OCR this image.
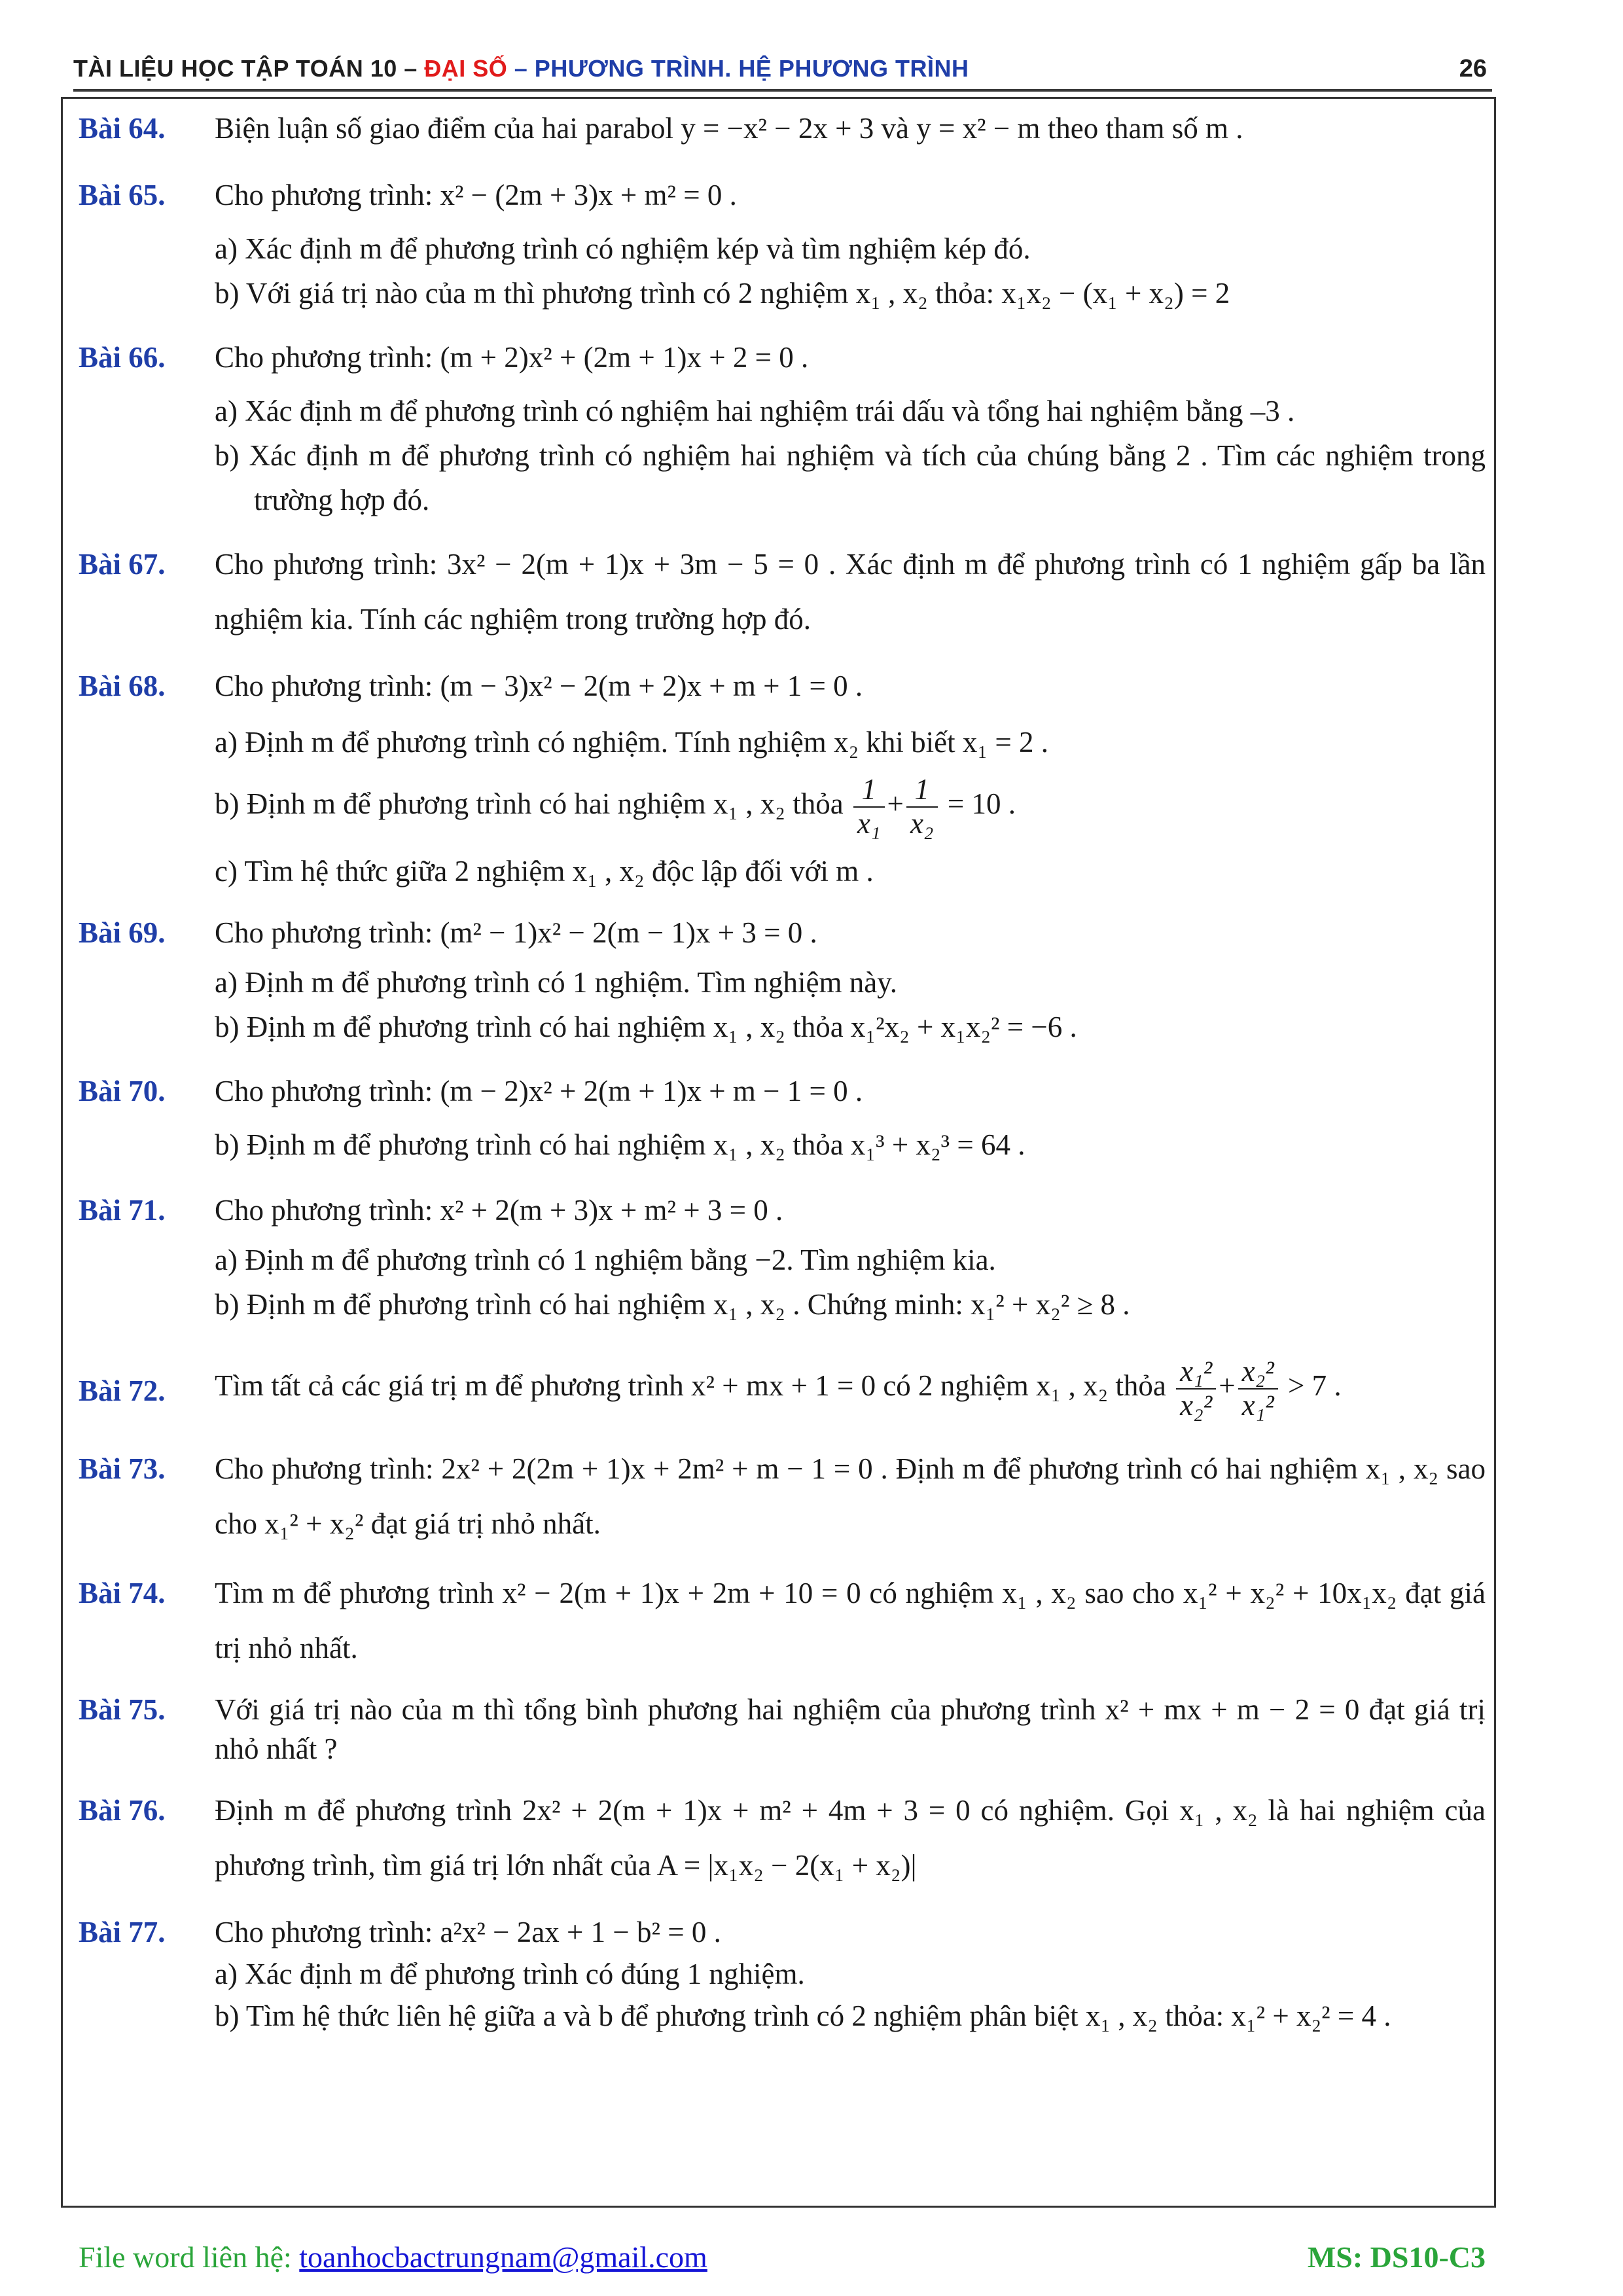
TÀI LIỆU HỌC TẬP TOÁN 10 – ĐẠI SỐ – PHƯƠNG TRÌNH. HỆ PHƯƠNG TRÌNH	26
Bài 64.	Biện luận số giao điểm của hai parabol y = −x² − 2x + 3 và y = x² − m theo tham số m .
Bài 65.	Cho phương trình: x² − (2m + 3)x + m² = 0 .
a) Xác định m để phương trình có nghiệm kép và tìm nghiệm kép đó.
b) Với giá trị nào của m thì phương trình có 2 nghiệm x₁ , x₂ thỏa: x₁x₂ − (x₁ + x₂) = 2
Bài 66.	Cho phương trình: (m + 2)x² + (2m + 1)x + 2 = 0 .
a) Xác định m để phương trình có nghiệm hai nghiệm trái dấu và tổng hai nghiệm bằng –3 .
b) Xác định m để phương trình có nghiệm hai nghiệm và tích của chúng bằng 2 . Tìm các nghiệm trong trường hợp đó.
Bài 67.	Cho phương trình: 3x² − 2(m + 1)x + 3m − 5 = 0 . Xác định m để phương trình có 1 nghiệm gấp ba lần nghiệm kia. Tính các nghiệm trong trường hợp đó.
Bài 68.	Cho phương trình: (m − 3)x² − 2(m + 2)x + m + 1 = 0 .
a) Định m để phương trình có nghiệm. Tính nghiệm x₂ khi biết x₁ = 2 .
b) Định m để phương trình có hai nghiệm x₁ , x₂ thỏa $\frac{1}{\text{x₁}} + \frac{1}{\text{x₂}} = 10$ .
c) Tìm hệ thức giữa 2 nghiệm x₁ , x₂ độc lập đối với m .
Bài 69.	Cho phương trình: (m² − 1)x² − 2(m − 1)x + 3 = 0 .
a) Định m để phương trình có 1 nghiệm. Tìm nghiệm này.
b) Định m để phương trình có hai nghiệm x₁ , x₂ thỏa x₁²x₂ + x₁x₂² = −6 .
Bài 70.	Cho phương trình: (m − 2)x² + 2(m + 1)x + m − 1 = 0 .
b) Định m để phương trình có hai nghiệm x₁ , x₂ thỏa x₁³ + x₂³ = 64 .
Bài 71.	Cho phương trình: x² + 2(m + 3)x + m² + 3 = 0 .
a) Định m để phương trình có 1 nghiệm bằng −2. Tìm nghiệm kia.
b) Định m để phương trình có hai nghiệm x₁ , x₂ . Chứng minh: x₁² + x₂² ≥ 8 .
Bài 72.	Tìm tất cả các giá trị m để phương trình x² + mx + 1 = 0 có 2 nghiệm x₁ , x₂ thỏa $\frac{\text{x₁²}}{\text{x₂²}} + \frac{\text{x₂²}}{\text{x₁²}} > 7$ .
Bài 73.	Cho phương trình: 2x² + 2(2m + 1)x + 2m² + m − 1 = 0 . Định m để phương trình có hai nghiệm x₁ , x₂ sao cho x₁² + x₂² đạt giá trị nhỏ nhất.
Bài 74.	Tìm m để phương trình x² − 2(m + 1)x + 2m + 10 = 0 có nghiệm x₁ , x₂ sao cho x₁² + x₂² + 10x₁x₂ đạt giá trị nhỏ nhất.
Bài 75.	Với giá trị nào của m thì tổng bình phương hai nghiệm của phương trình x² + mx + m − 2 = 0 đạt giá trị nhỏ nhất ?
Bài 76.	Định m để phương trình 2x² + 2(m + 1)x + m² + 4m + 3 = 0 có nghiệm. Gọi x₁ , x₂ là hai nghiệm của phương trình, tìm giá trị lớn nhất của A = |x₁x₂ − 2(x₁ + x₂)|
Bài 77.	Cho phương trình: a²x² − 2ax + 1 − b² = 0 .
a) Xác định m để phương trình có đúng 1 nghiệm.
b) Tìm hệ thức liên hệ giữa a và b để phương trình có 2 nghiệm phân biệt x₁ , x₂ thỏa: x₁² + x₂² = 4 .
File word liên hệ: toanhocbactrungnam@gmail.com	MS: DS10-C3
